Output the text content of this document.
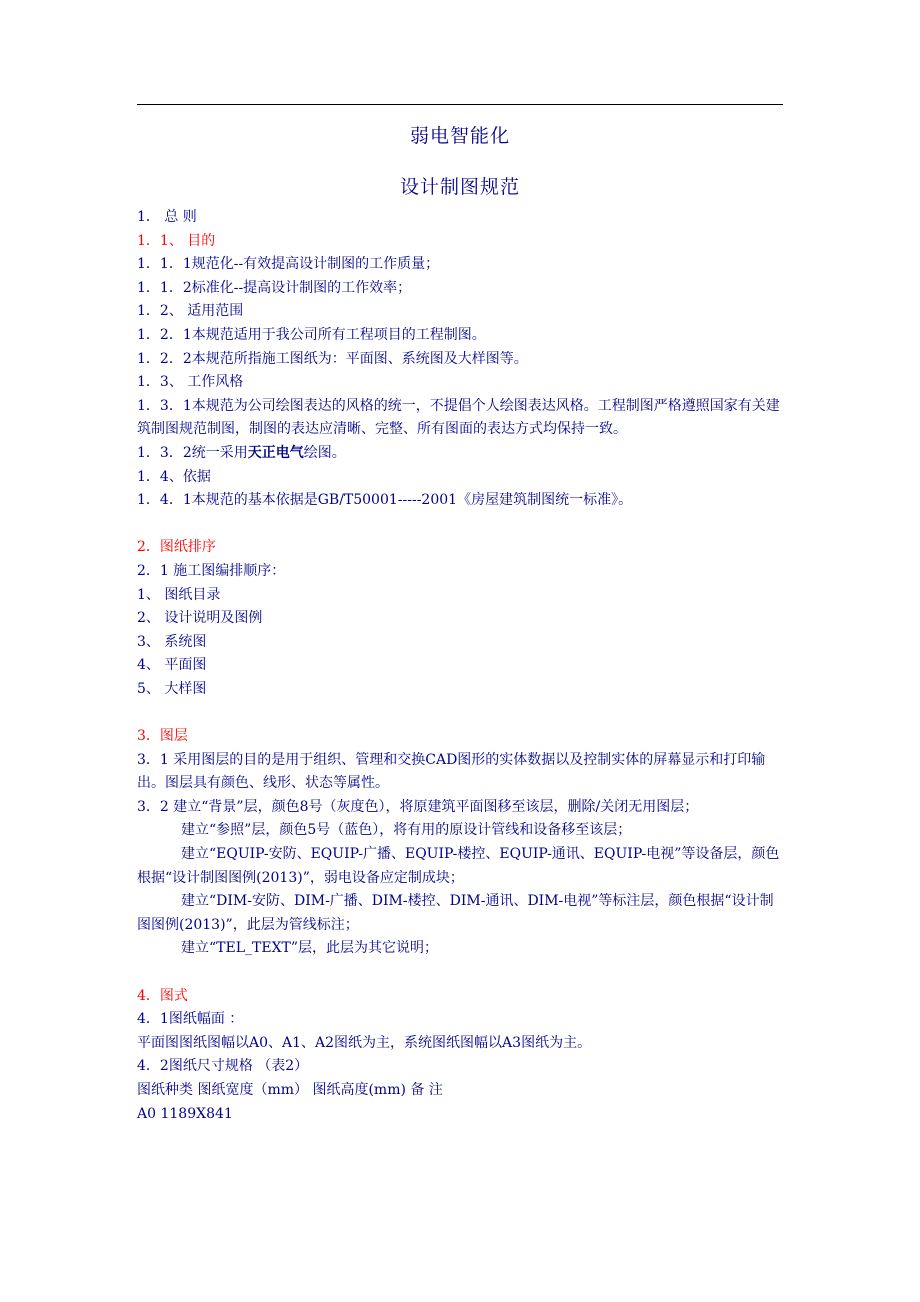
弱电智能化
设计制图规范

1． 总 则

1．1、 目的

1．1．1规范化--有效提高设计制图的工作质量；

1．1．2标准化--提高设计制图的工作效率；

1．2、 适用范围

1．2．1本规范适用于我公司所有工程项目的工程制图。

1．2．2本规范所指施工图纸为：平面图、系统图及大样图等。

1．3、 工作风格

1．3．1本规范为公司绘图表达的风格的统一，不提倡个人绘图表达风格。工程制图严格遵照国家有关建筑制图规范制图，制图的表达应清晰、完整、所有图面的表达方式均保持一致。

1．3．2统一采用天正电气绘图。

1．4、依据

1．4．1本规范的基本依据是GB/T50001-----2001《房屋建筑制图统一标准》。

2．图纸排序

2．1 施工图编排顺序：

1、 图纸目录

2、 设计说明及图例

3、 系统图

4、 平面图

5、 大样图

3．图层

3．1 采用图层的目的是用于组织、管理和交换CAD图形的实体数据以及控制实体的屏幕显示和打印输出。图层具有颜色、线形、状态等属性。

3．2 建立“背景”层，颜色8号（灰度色），将原建筑平面图移至该层，删除/关闭无用图层；

建立“参照”层，颜色5号（蓝色），将有用的原设计管线和设备移至该层；

建立“EQUIP-安防、EQUIP-广播、EQUIP-楼控、EQUIP-通讯、EQUIP-电视”等设备层，颜色根据“设计制图图例(2013)”，弱电设备应定制成块；

建立“DIM-安防、DIM-广播、DIM-楼控、DIM-通讯、DIM-电视”等标注层，颜色根据“设计制图图例(2013)”，此层为管线标注；

建立“TEL_TEXT”层，此层为其它说明；

4．图式

4．1图纸幅面 ：

平面图图纸图幅以A0、A1、A2图纸为主，系统图纸图幅以A3图纸为主。

4．2图纸尺寸规格 （表2）

图纸种类 图纸宽度（mm） 图纸高度(mm) 备 注

A0 1189X841
